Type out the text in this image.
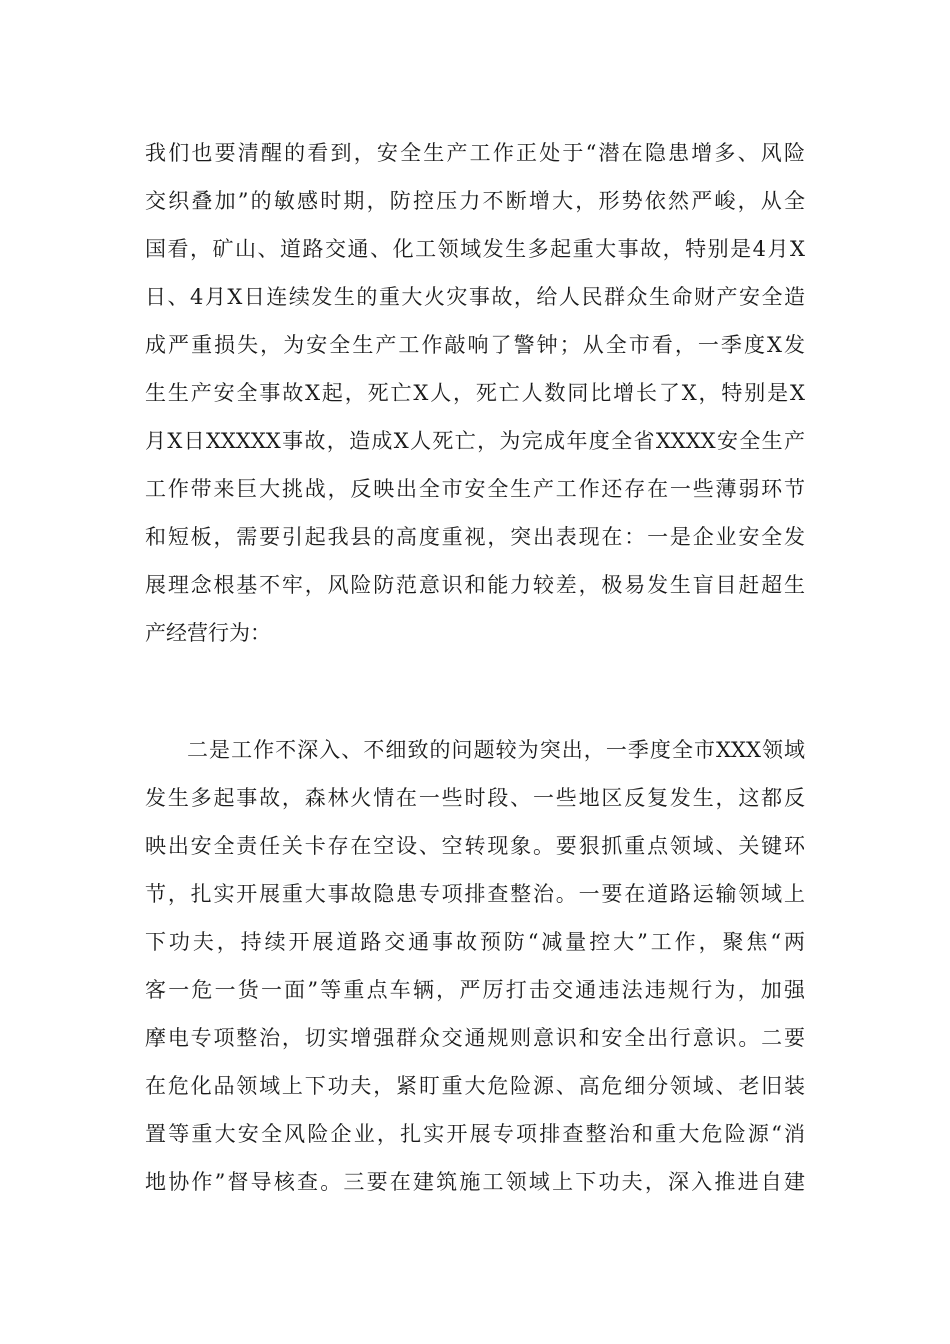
我们也要清醒的看到，安全生产工作正处于“潜在隐患增多、风险
交织叠加”的敏感时期，防控压力不断增大，形势依然严峻，从全
国看，矿山、道路交通、化工领域发生多起重大事故，特别是4月X
日、4月X日连续发生的重大火灾事故，给人民群众生命财产安全造
成严重损失，为安全生产工作敲响了警钟；从全市看，一季度X发
生生产安全事故X起，死亡X人，死亡人数同比增长了X，特别是X
月X日XXXXX事故，造成X人死亡，为完成年度全省XXXX安全生产
工作带来巨大挑战，反映出全市安全生产工作还存在一些薄弱环节
和短板，需要引起我县的高度重视，突出表现在：一是企业安全发
展理念根基不牢，风险防范意识和能力较差，极易发生盲目赶超生
产经营行为：
二是工作不深入、不细致的问题较为突出，一季度全市XXX领域
发生多起事故，森林火情在一些时段、一些地区反复发生，这都反
映出安全责任关卡存在空设、空转现象。要狠抓重点领域、关键环
节，扎实开展重大事故隐患专项排查整治。一要在道路运输领域上
下功夫，持续开展道路交通事故预防“减量控大”工作，聚焦“两
客一危一货一面”等重点车辆，严厉打击交通违法违规行为，加强
摩电专项整治，切实增强群众交通规则意识和安全出行意识。二要
在危化品领域上下功夫，紧盯重大危险源、高危细分领域、老旧装
置等重大安全风险企业，扎实开展专项排查整治和重大危险源“消
地协作”督导核查。三要在建筑施工领域上下功夫，深入推进自建
